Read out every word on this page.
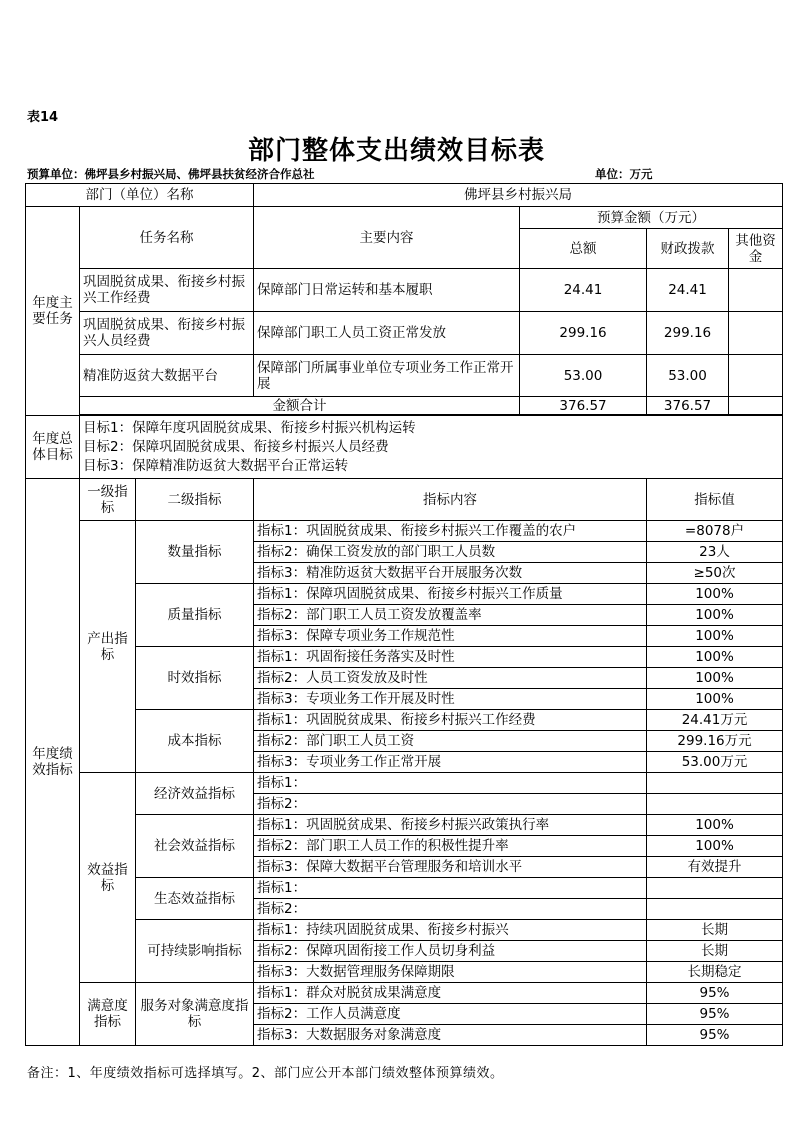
表14
部门整体支出绩效目标表
预算单位：佛坪县乡村振兴局、佛坪县扶贫经济合作总社	单位：万元
部门（单位）名称			佛坪县乡村振兴局			
年度主要任务	任务名称		主要内容	预算金额（万元）		
				总额	财政拨款	其他资金
	巩固脱贫成果、衔接乡村振兴工作经费		保障部门日常运转和基本履职	24.41	24.41	
	巩固脱贫成果、衔接乡村振兴人员经费		保障部门职工人员工资正常发放	299.16	299.16	
	精准防返贫大数据平台		保障部门所属事业单位专项业务工作正常开展	53.00	53.00	
	金额合计			376.57	376.57	

年度总体目标	目标1：保障年度巩固脱贫成果、衔接乡村振兴机构运转
目标2：保障巩固脱贫成果、衔接乡村振兴人员经费
目标3：保障精准防返贫大数据平台正常运转					

年度绩效指标	一级指标	二级指标	指标内容		指标值	
	产出指标	数量指标	指标1：巩固脱贫成果、衔接乡村振兴工作覆盖的农户		=8078户	
			指标2：确保工资发放的部门职工人员数		23人	
			指标3：精准防返贫大数据平台开展服务次数		≥50次	
		质量指标	指标1：保障巩固脱贫成果、衔接乡村振兴工作质量		100%	
			指标2：部门职工人员工资发放覆盖率		100%	
			指标3：保障专项业务工作规范性		100%	
		时效指标	指标1：巩固衔接任务落实及时性		100%	
			指标2：人员工资发放及时性		100%	
			指标3：专项业务工作开展及时性		100%	
		成本指标	指标1：巩固脱贫成果、衔接乡村振兴工作经费		24.41万元	
			指标2：部门职工人员工资		299.16万元	
			指标3：专项业务工作正常开展		53.00万元	
	效益指标	经济效益指标	指标1：			
			指标2：			
		社会效益指标	指标1：巩固脱贫成果、衔接乡村振兴政策执行率		100%	
			指标2：部门职工人员工作的积极性提升率		100%	
			指标3：保障大数据平台管理服务和培训水平		有效提升	
		生态效益指标	指标1：			
			指标2：			
		可持续影响指标	指标1：持续巩固脱贫成果、衔接乡村振兴		长期	
			指标2：保障巩固衔接工作人员切身利益		长期	
			指标3：大数据管理服务保障期限		长期稳定	
	满意度指标	服务对象满意度指标	指标1：群众对脱贫成果满意度		95%	
			指标2：工作人员满意度		95%	
			指标3：大数据服务对象满意度		95%	
备注：1、年度绩效指标可选择填写。2、部门应公开本部门绩效整体预算绩效。
